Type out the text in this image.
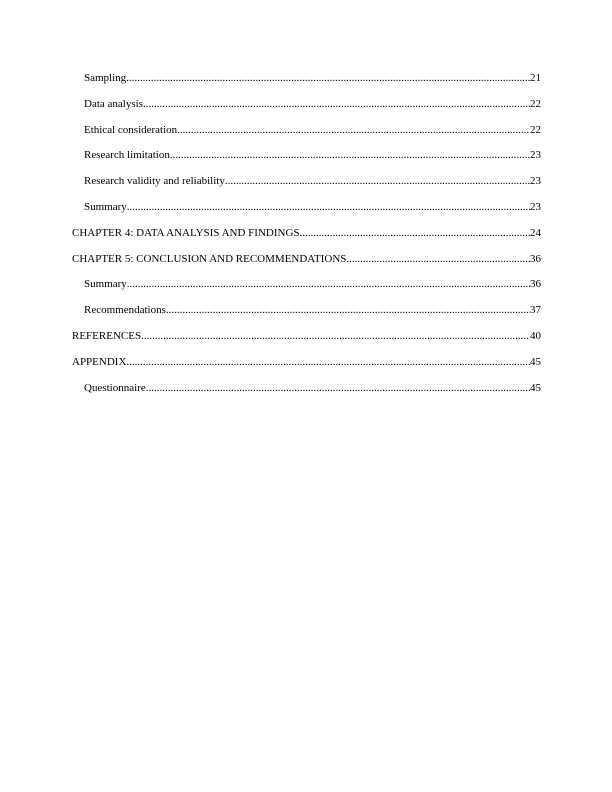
Sampling .....	21
Data analysis .....	22
Ethical consideration .....	22
Research limitation .....	23
Research validity and reliability .....	23
Summary .....	23
CHAPTER 4: DATA ANALYSIS AND FINDINGS .....	24
CHAPTER 5: CONCLUSION AND RECOMMENDATIONS .....	36
Summary .....	36
Recommendations .....	37
REFERENCES .....	40
APPENDIX .....	45
Questionnaire .....	45
